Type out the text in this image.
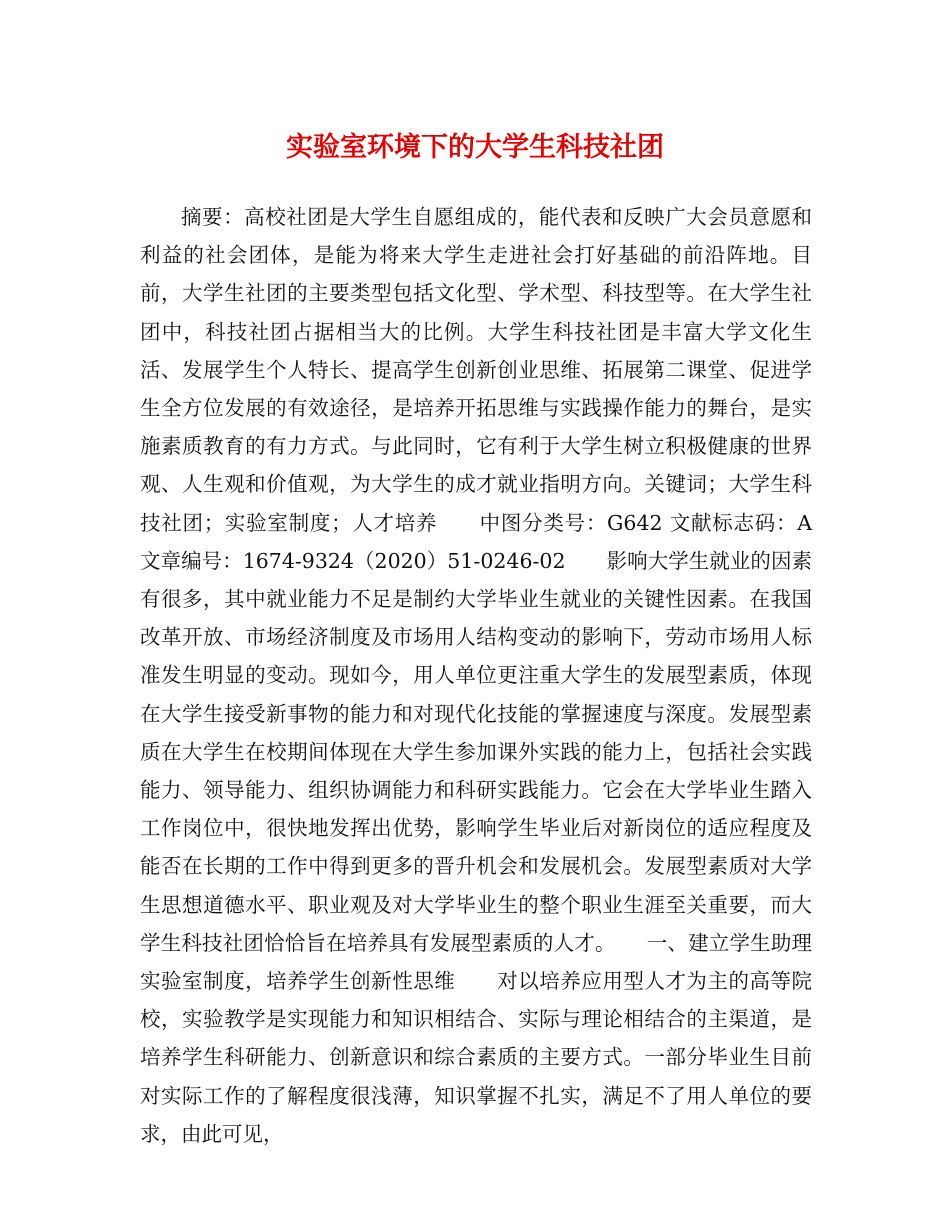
实验室环境下的大学生科技社团

摘要：高校社团是大学生自愿组成的，能代表和反映广大会员意愿和利益的社会团体，是能为将来大学生走进社会打好基础的前沿阵地。目前，大学生社团的主要类型包括文化型、学术型、科技型等。在大学生社团中，科技社团占据相当大的比例。大学生科技社团是丰富大学文化生活、发展学生个人特长、提高学生创新创业思维、拓展第二课堂、促进学生全方位发展的有效途径，是培养开拓思维与实践操作能力的舞台，是实施素质教育的有力方式。与此同时，它有利于大学生树立积极健康的世界观、人生观和价值观，为大学生的成才就业指明方向。关键词；大学生科技社团；实验室制度；人才培养　　中图分类号：G642 文献标志码：A 文章编号：1674-9324（2020）51-0246-02　　影响大学生就业的因素有很多，其中就业能力不足是制约大学毕业生就业的关键性因素。在我国改革开放、市场经济制度及市场用人结构变动的影响下，劳动市场用人标准发生明显的变动。现如今，用人单位更注重大学生的发展型素质，体现在大学生接受新事物的能力和对现代化技能的掌握速度与深度。发展型素质在大学生在校期间体现在大学生参加课外实践的能力上，包括社会实践能力、领导能力、组织协调能力和科研实践能力。它会在大学毕业生踏入工作岗位中，很快地发挥出优势，影响学生毕业后对新岗位的适应程度及能否在长期的工作中得到更多的晋升机会和发展机会。发展型素质对大学生思想道德水平、职业观及对大学毕业生的整个职业生涯至关重要，而大学生科技社团恰恰旨在培养具有发展型素质的人才。　　一、建立学生助理实验室制度，培养学生创新性思维　　对以培养应用型人才为主的高等院校，实验教学是实现能力和知识相结合、实际与理论相结合的主渠道，是培养学生科研能力、创新意识和综合素质的主要方式。一部分毕业生目前对实际工作的了解程度很浅薄，知识掌握不扎实，满足不了用人单位的要求，由此可见，
